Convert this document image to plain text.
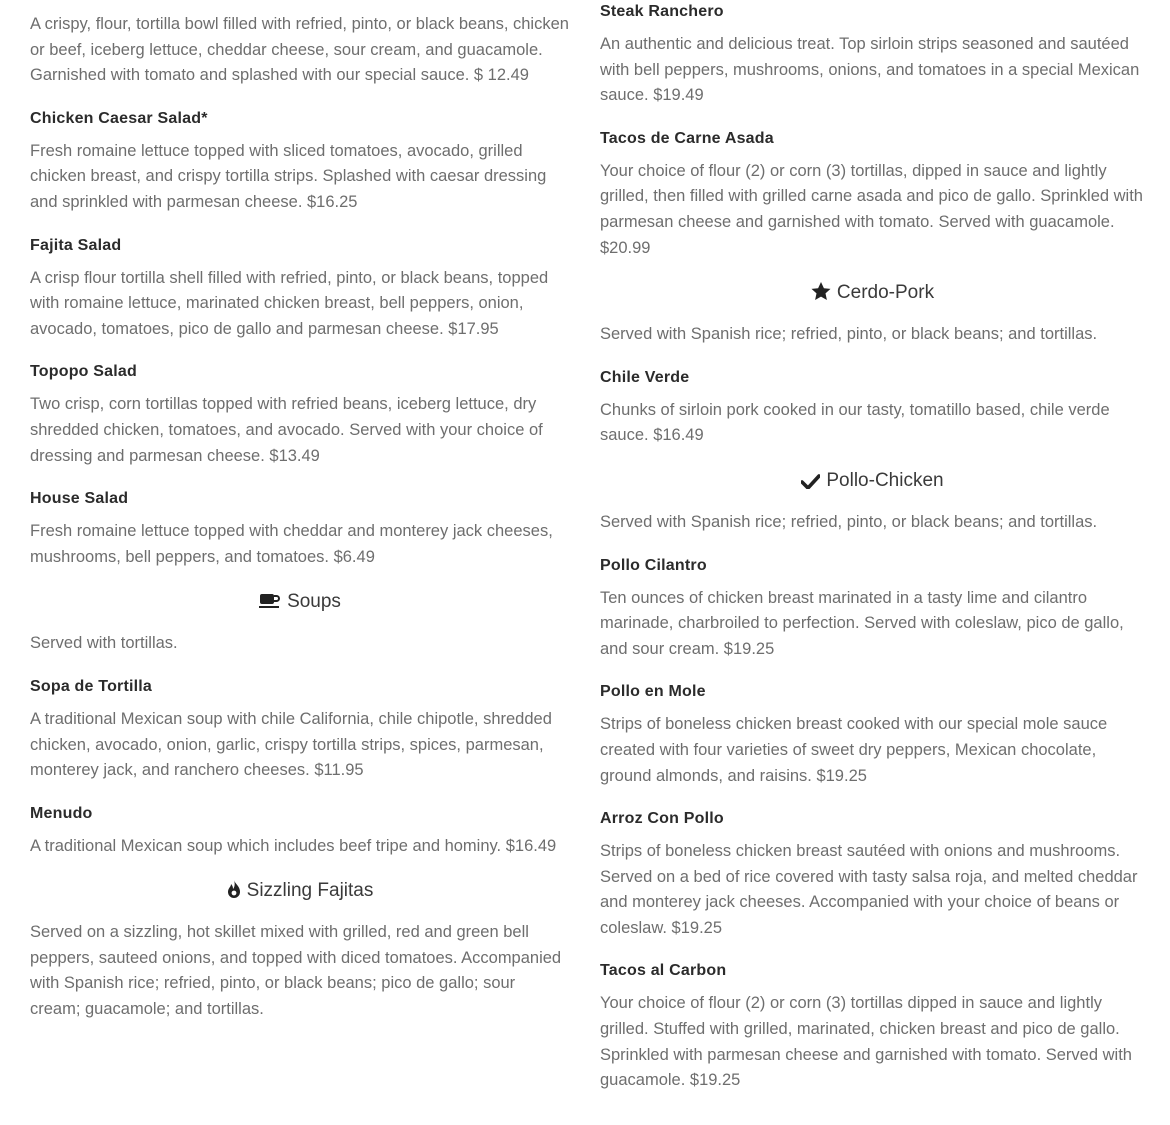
A crispy, flour, tortilla bowl filled with refried, pinto, or black beans, chicken or beef, iceberg lettuce, cheddar cheese, sour cream, and guacamole. Garnished with tomato and splashed with our special sauce. $ 12.49

Chicken Caesar Salad*

Fresh romaine lettuce topped with sliced tomatoes, avocado, grilled chicken breast, and crispy tortilla strips. Splashed with caesar dressing and sprinkled with parmesan cheese. $16.25

Fajita Salad

A crisp flour tortilla shell filled with refried, pinto, or black beans, topped with romaine lettuce, marinated chicken breast, bell peppers, onion, avocado, tomatoes, pico de gallo and parmesan cheese. $17.95

Topopo Salad

Two crisp, corn tortillas topped with refried beans, iceberg lettuce, dry shredded chicken, tomatoes, and avocado. Served with your choice of dressing and parmesan cheese. $13.49

House Salad

Fresh romaine lettuce topped with cheddar and monterey jack cheeses, mushrooms, bell peppers, and tomatoes. $6.49

Soups

Served with tortillas.

Sopa de Tortilla

A traditional Mexican soup with chile California, chile chipotle, shredded chicken, avocado, onion, garlic, crispy tortilla strips, spices, parmesan, monterey jack, and ranchero cheeses. $11.95

Menudo

A traditional Mexican soup which includes beef tripe and hominy. $16.49

Sizzling Fajitas

Served on a sizzling, hot skillet mixed with grilled, red and green bell peppers, sauteed onions, and topped with diced tomatoes. Accompanied with Spanish rice; refried, pinto, or black beans; pico de gallo; sour cream; guacamole; and tortillas.

Steak Ranchero

An authentic and delicious treat. Top sirloin strips seasoned and sautéed with bell peppers, mushrooms, onions, and tomatoes in a special Mexican sauce. $19.49

Tacos de Carne Asada

Your choice of flour (2) or corn (3) tortillas, dipped in sauce and lightly grilled, then filled with grilled carne asada and pico de gallo. Sprinkled with parmesan cheese and garnished with tomato. Served with guacamole. $20.99

Cerdo-Pork

Served with Spanish rice; refried, pinto, or black beans; and tortillas.

Chile Verde

Chunks of sirloin pork cooked in our tasty, tomatillo based, chile verde sauce. $16.49

Pollo-Chicken

Served with Spanish rice; refried, pinto, or black beans; and tortillas.

Pollo Cilantro

Ten ounces of chicken breast marinated in a tasty lime and cilantro marinade, charbroiled to perfection. Served with coleslaw, pico de gallo, and sour cream. $19.25

Pollo en Mole

Strips of boneless chicken breast cooked with our special mole sauce created with four varieties of sweet dry peppers, Mexican chocolate, ground almonds, and raisins. $19.25

Arroz Con Pollo

Strips of boneless chicken breast sautéed with onions and mushrooms. Served on a bed of rice covered with tasty salsa roja, and melted cheddar and monterey jack cheeses. Accompanied with your choice of beans or coleslaw. $19.25

Tacos al Carbon

Your choice of flour (2) or corn (3) tortillas dipped in sauce and lightly grilled. Stuffed with grilled, marinated, chicken breast and pico de gallo. Sprinkled with parmesan cheese and garnished with tomato. Served with guacamole. $19.25
